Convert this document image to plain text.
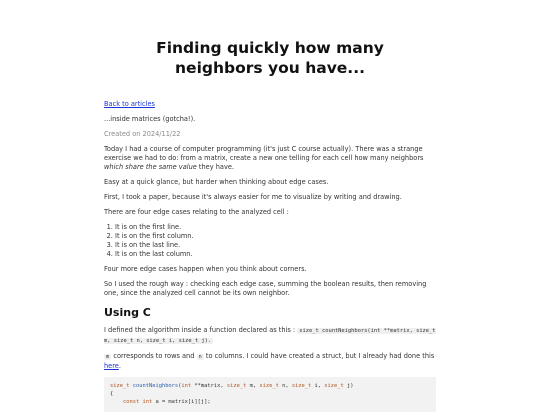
Finding quickly how many neighbors you have...

Back to articles

...inside matrices (gotcha!).

Created on 2024/11/22

Today I had a course of computer programming (it's just C course actually). There was a strange exercise we had to do: from a matrix, create a new one telling for each cell how many neighbors which share the same value they have.

Easy at a quick glance, but harder when thinking about edge cases.

First, I took a paper, because it's always easier for me to visualize by writing and drawing.

There are four edge cases relating to the analyzed cell :

1. It is on the first line.
2. It is on the first column.
3. It is on the last line.
4. It is on the last column.

Four more edge cases happen when you think about corners.

So I used the rough way : checking each edge case, summing the boolean results, then removing one, since the analyzed cell cannot be its own neighbor.

Using C

I defined the algorithm inside a function declared as this : size_t countNeighbors(int **matrix, size_t m, size_t n, size_t i, size_t j).

m corresponds to rows and n to columns. I could have created a struct, but I already had done this here.

size_t countNeighbors(int **matrix, size_t m, size_t n, size_t i, size_t j)
{
const int a = matrix[i][j];
